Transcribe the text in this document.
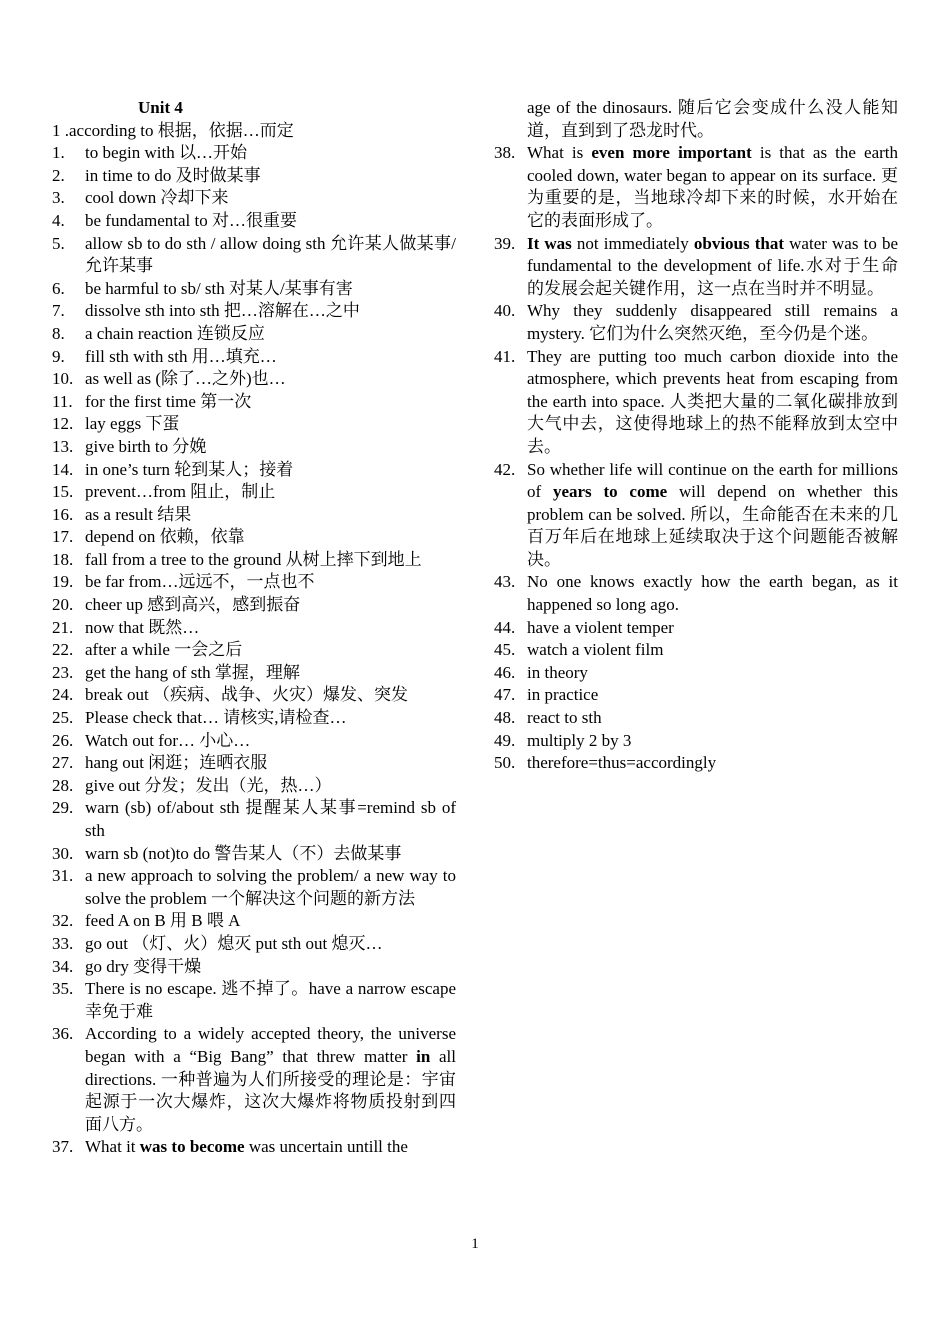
Unit 4
1 .according to 根据，依据…而定
1.	to begin with 以…开始
2.	in time to do 及时做某事
3.	cool down 冷却下来
4.	be fundamental to 对…很重要
5.	allow sb to do sth / allow doing sth 允许某人做某事/ 允许某事
6.	be harmful to sb/ sth 对某人/某事有害
7.	dissolve sth into sth 把…溶解在…之中
8.	a chain reaction 连锁反应
9.	fill sth with sth 用…填充…
10. as well as (除了…之外)也…
11. for the first time 第一次
12. lay eggs 下蛋
13. give birth to 分娩
14. in one’s turn 轮到某人；接着
15. prevent…from 阻止，制止
16. as a result 结果
17. depend on 依赖，依靠
18. fall from a tree to the ground 从树上摔下到地上
19. be far from…远远不，一点也不
20. cheer up 感到高兴，感到振奋
21. now that 既然…
22. after a while 一会之后
23. get the hang of sth 掌握，理解
24. break out （疾病、战争、火灾）爆发、突发
25. Please check that… 请核实,请检查…
26. Watch out for… 小心…
27. hang out 闲逛；连晒衣服
28. give out 分发；发出（光，热…）
29. warn (sb) of/about sth 提醒某人某事=remind sb of sth
30. warn sb (not)to do 警告某人（不）去做某事
31. a new approach to solving the problem/ a new way to solve the problem 一个解决这个问题的新方法
32. feed A on B 用 B 喂 A
33. go out （灯、火）熄灭 put sth out 熄灭…
34. go dry 变得干燥
35. There is no escape. 逃不掉了。have a narrow escape 幸免于难
36. According to a widely accepted theory, the universe began with a “Big Bang” that threw matter in all directions. 一种普遍为人们所接受的理论是：宇宙起源于一次大爆炸，这次大爆炸将物质投射到四面八方。
37. What it was to become was uncertain untill the
age of the dinosaurs. 随后它会变成什么没人能知道，直到到了恐龙时代。
38. What is even more important is that as the earth cooled down, water began to appear on its surface. 更为重要的是，当地球冷却下来的时候，水开始在它的表面形成了。
39. It was not immediately obvious that water was to be fundamental to the development of life.水对于生命的发展会起关键作用，这一点在当时并不明显。
40. Why they suddenly disappeared still remains a mystery. 它们为什么突然灭绝，至今仍是个迷。
41. They are putting too much carbon dioxide into the atmosphere, which prevents heat from escaping from the earth into space. 人类把大量的二氧化碳排放到大气中去，这使得地球上的热不能释放到太空中去。
42. So whether life will continue on the earth for millions of years to come will depend on whether this problem can be solved. 所以，生命能否在未来的几百万年后在地球上延续取决于这个问题能否被解决。
43. No one knows exactly how the earth began, as it happened so long ago.
44. have a violent temper
45. watch a violent film
46. in theory
47. in practice
48. react to sth
49. multiply 2 by 3
50. therefore=thus=accordingly
1
